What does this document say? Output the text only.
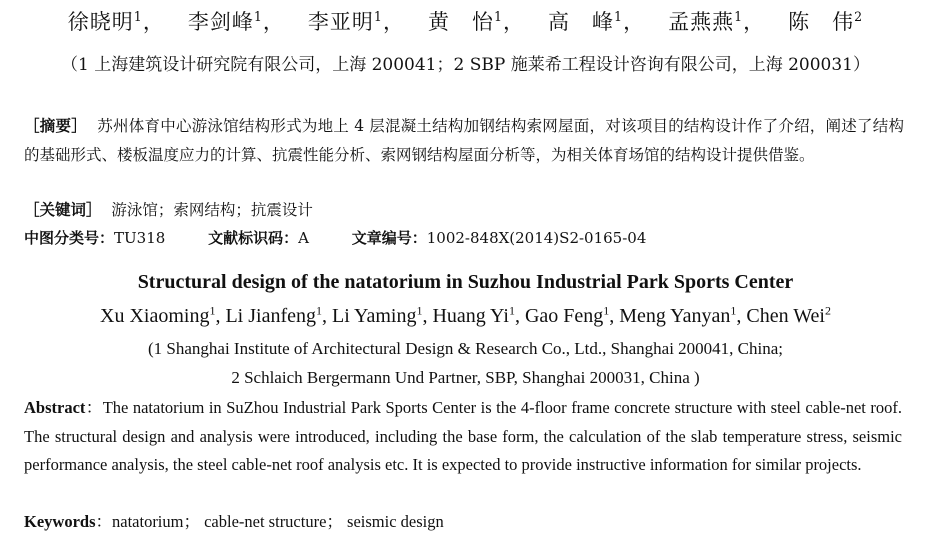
徐晓明$^1$，   李剑峰$^1$，   李亚明$^1$，   黄　怡$^1$，   高　峰$^1$，   孟燕燕$^1$，   陈　伟$^2$
（1 上海建筑设计研究院有限公司，上海 200041；2 SBP 施莱希工程设计咨询有限公司，上海 200031）
［摘要］ 苏州体育中心游泳馆结构形式为地上 4 层混凝土结构加钢结构索网屋面，对该项目的结构设计作了介绍，阐述了结构的基础形式、楼板温度应力的计算、抗震性能分析、索网钢结构屋面分析等，为相关体育场馆的结构设计提供借鉴。
［关键词］ 游泳馆；索网结构；抗震设计
中图分类号：TU318	文献标识码：A	文章编号：1002-848X(2014)S2-0165-04
Structural design of the natatorium in Suzhou Industrial Park Sports Center
Xu Xiaoming$^1$, Li Jianfeng$^1$, Li Yaming$^1$, Huang Yi$^1$, Gao Feng$^1$, Meng Yanyan$^1$, Chen Wei$^2$
(1 Shanghai Institute of Architectural Design & Research Co., Ltd., Shanghai 200041, China;
2 Schlaich Bergermann Und Partner, SBP, Shanghai 200031, China )
Abstract：The natatorium in SuZhou Industrial Park Sports Center is the 4-floor frame concrete structure with steel cable-net roof. The structural design and analysis were introduced, including the base form, the calculation of the slab temperature stress, seismic performance analysis, the steel cable-net roof analysis etc. It is expected to provide instructive information for similar projects.
Keywords：natatorium； cable-net structure； seismic design
